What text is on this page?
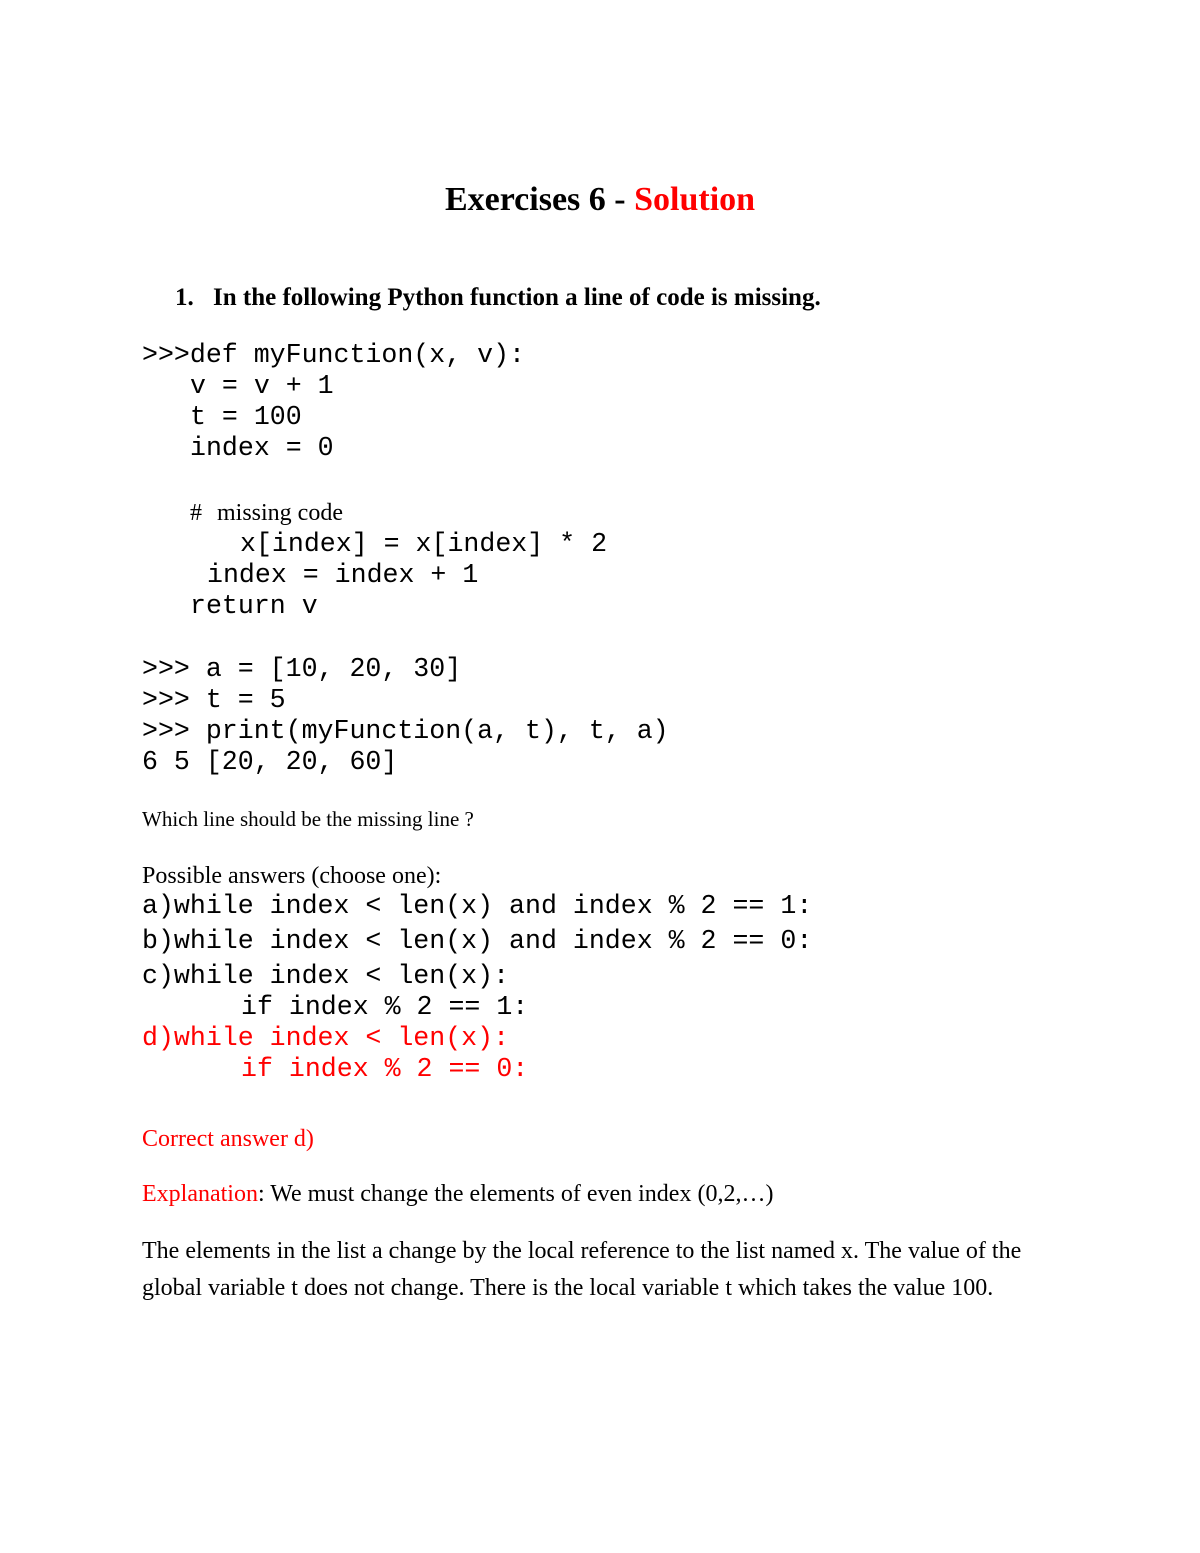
Exercises 6 - Solution
1. In the following Python function a line of code is missing.
>>>def myFunction(x, v):
v = v + 1
t = 100
index = 0
# missing code
x[index] = x[index] * 2
index = index + 1
return v
>>> a = [10, 20, 30]
>>> t = 5
>>> print(myFunction(a, t), t, a)
6 5 [20, 20, 60]
Which line should be the missing line ?
Possible answers (choose one):
a)while index < len(x) and index % 2 == 1:
b)while index < len(x) and index % 2 == 0:
c)while index < len(x):
if index % 2 == 1:
d)while index < len(x):
if index % 2 == 0:
Correct answer d)
Explanation: We must change the elements of even index (0,2,…)
The elements in the list a change by the local reference to the list named x. The value of the global variable t does not change. There is the local variable t which takes the value 100.
